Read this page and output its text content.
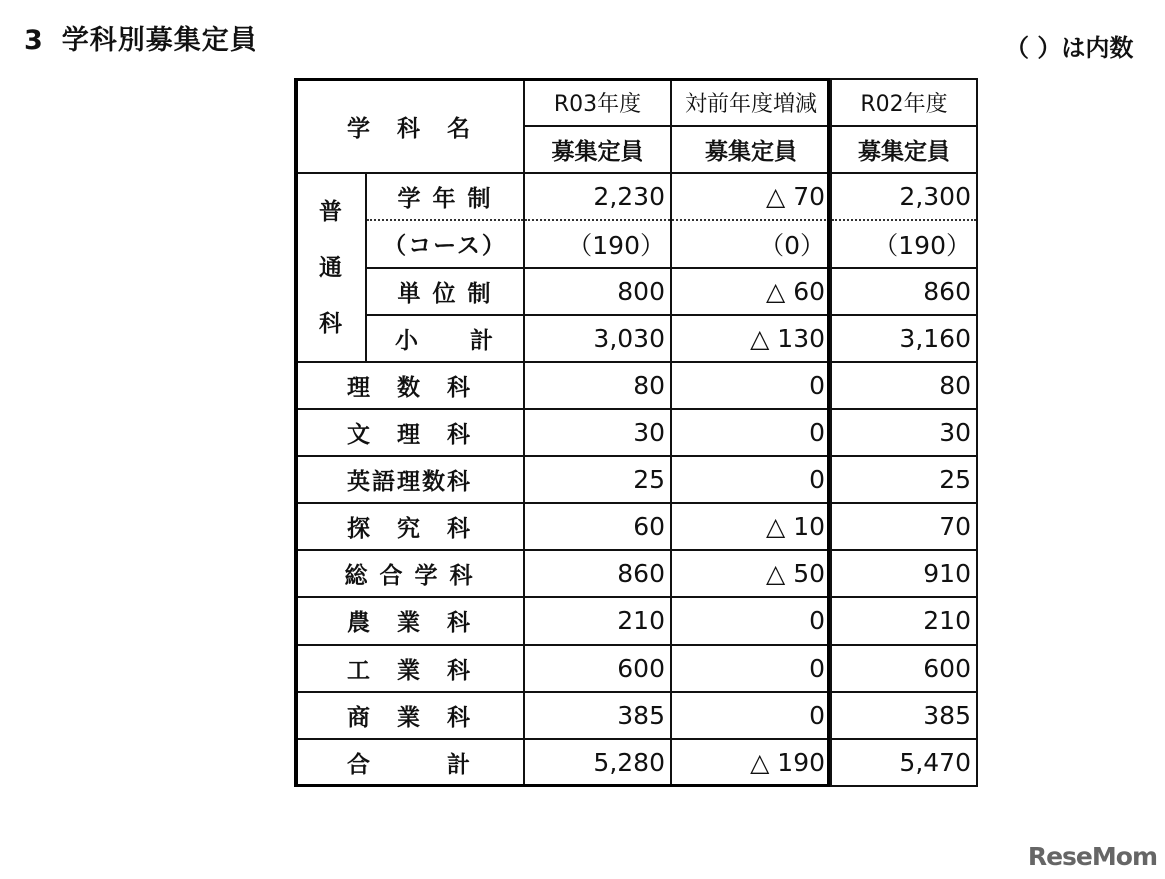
3 学科別募集定員	（ ）は内数
学　科　名		R03年度	対前年度増減	R02年度
		募集定員	募集定員	募集定員

普
通
科	学 年 制	2,230	△ 70	2,300
	（コース）	（190）	（0）	（190）
	単 位 制	800	△ 60	860
	小　　計	3,030	△ 130	3,160
理　数　科		80	0	80
文　理　科		30	0	30
英語理数科		25	0	25
探　究　科		60	△ 10	70
総 合 学 科		860	△ 50	910
農　業　科		210	0	210
工　業　科		600	0	600
商　業　科		385	0	385
合　　　計		5,280	△ 190	5,470
ReseMom
